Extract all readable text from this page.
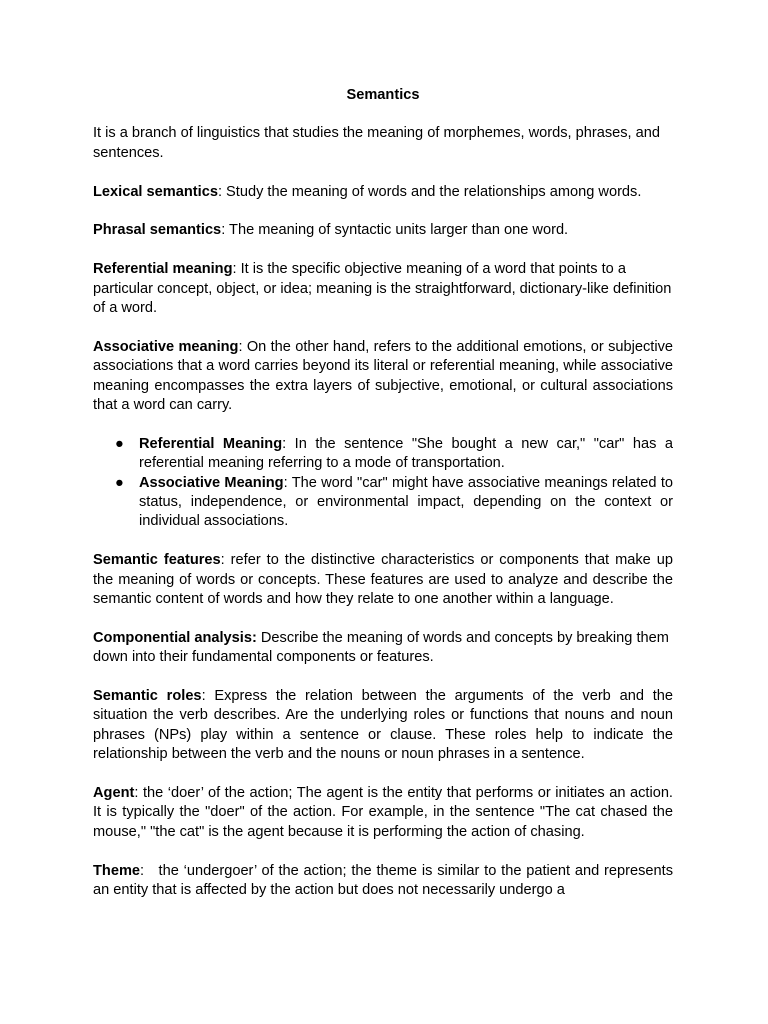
Semantics

It is a branch of linguistics that studies the meaning of morphemes, words, phrases, and sentences.

Lexical semantics: Study the meaning of words and the relationships among words.

Phrasal semantics: The meaning of syntactic units larger than one word.

Referential meaning: It is the specific objective meaning of a word that points to a particular concept, object, or idea; meaning is the straightforward, dictionary-like definition of a word.

Associative meaning: On the other hand, refers to the additional emotions, or subjective associations that a word carries beyond its literal or referential meaning, while associative meaning encompasses the extra layers of subjective, emotional, or cultural associations that a word can carry.

● Referential Meaning: In the sentence "She bought a new car," "car" has a referential meaning referring to a mode of transportation.
● Associative Meaning: The word "car" might have associative meanings related to status, independence, or environmental impact, depending on the context or individual associations.

Semantic features: refer to the distinctive characteristics or components that make up the meaning of words or concepts. These features are used to analyze and describe the semantic content of words and how they relate to one another within a language.

Componential analysis: Describe the meaning of words and concepts by breaking them down into their fundamental components or features.

Semantic roles: Express the relation between the arguments of the verb and the situation the verb describes. Are the underlying roles or functions that nouns and noun phrases (NPs) play within a sentence or clause. These roles help to indicate the relationship between the verb and the nouns or noun phrases in a sentence.

Agent: the ‘doer’ of the action; The agent is the entity that performs or initiates an action. It is typically the "doer" of the action. For example, in the sentence "The cat chased the mouse," "the cat" is the agent because it is performing the action of chasing.

Theme:   the ‘undergoer’ of the action; the theme is similar to the patient and represents an entity that is affected by the action but does not necessarily undergo a
